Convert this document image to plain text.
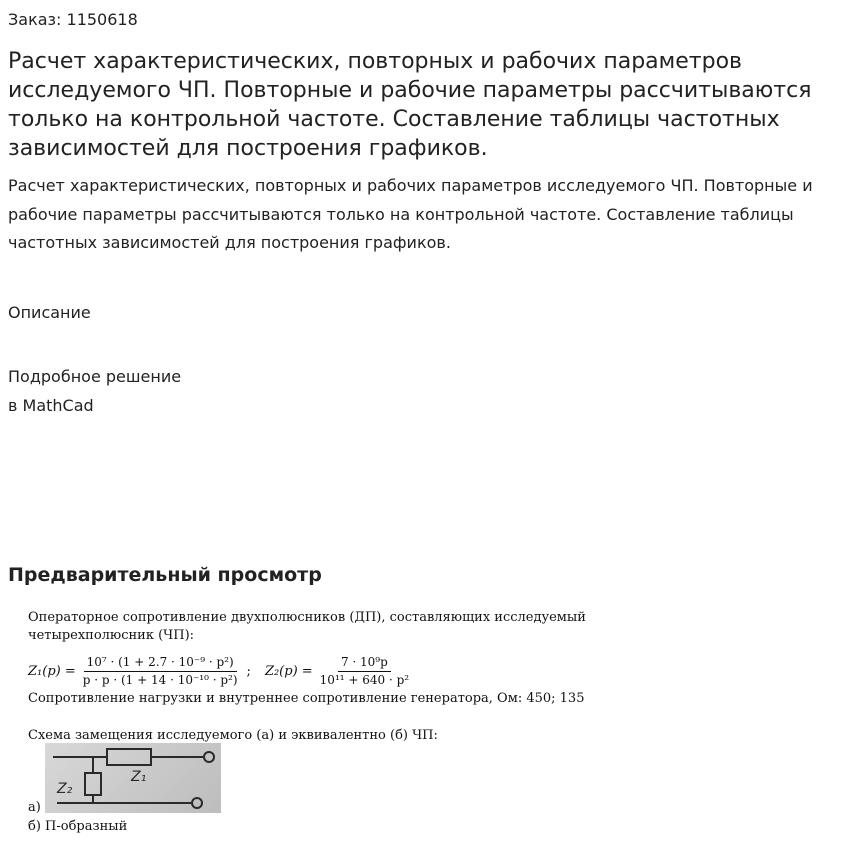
Заказ: 1150618
Расчет характеристических, повторных и рабочих параметров исследуемого ЧП. Повторные и рабочие параметры рассчитываются только на контрольной частоте. Составление таблицы частотных зависимостей для построения графиков.
Расчет характеристических, повторных и рабочих параметров исследуемого ЧП. Повторные и рабочие параметры рассчитываются только на контрольной частоте. Составление таблицы частотных зависимостей для построения графиков.
Описание
Подробное решение
в MathCad
Предварительный просмотр
Операторное сопротивление двухполюсников (ДП), составляющих исследуемый
четырехполюсник (ЧП):
$Z_1(p) = \frac{\text{10⁷ · (1 + 2.7 · 10⁻⁹ · p²)}}{\text{p · p · (1 + 14 · 10⁻¹⁰ · p²)}}$ ; $Z_2(p) = \frac{\text{7 · 10⁹p}}{\text{10¹¹ + 640 · p²}}$
Сопротивление нагрузки и внутреннее сопротивление генератора, Ом: 450; 135
Схема замещения исследуемого (а) и эквивалентно (б) ЧП:
Z₁
Z₂
а)
б) П-образный
